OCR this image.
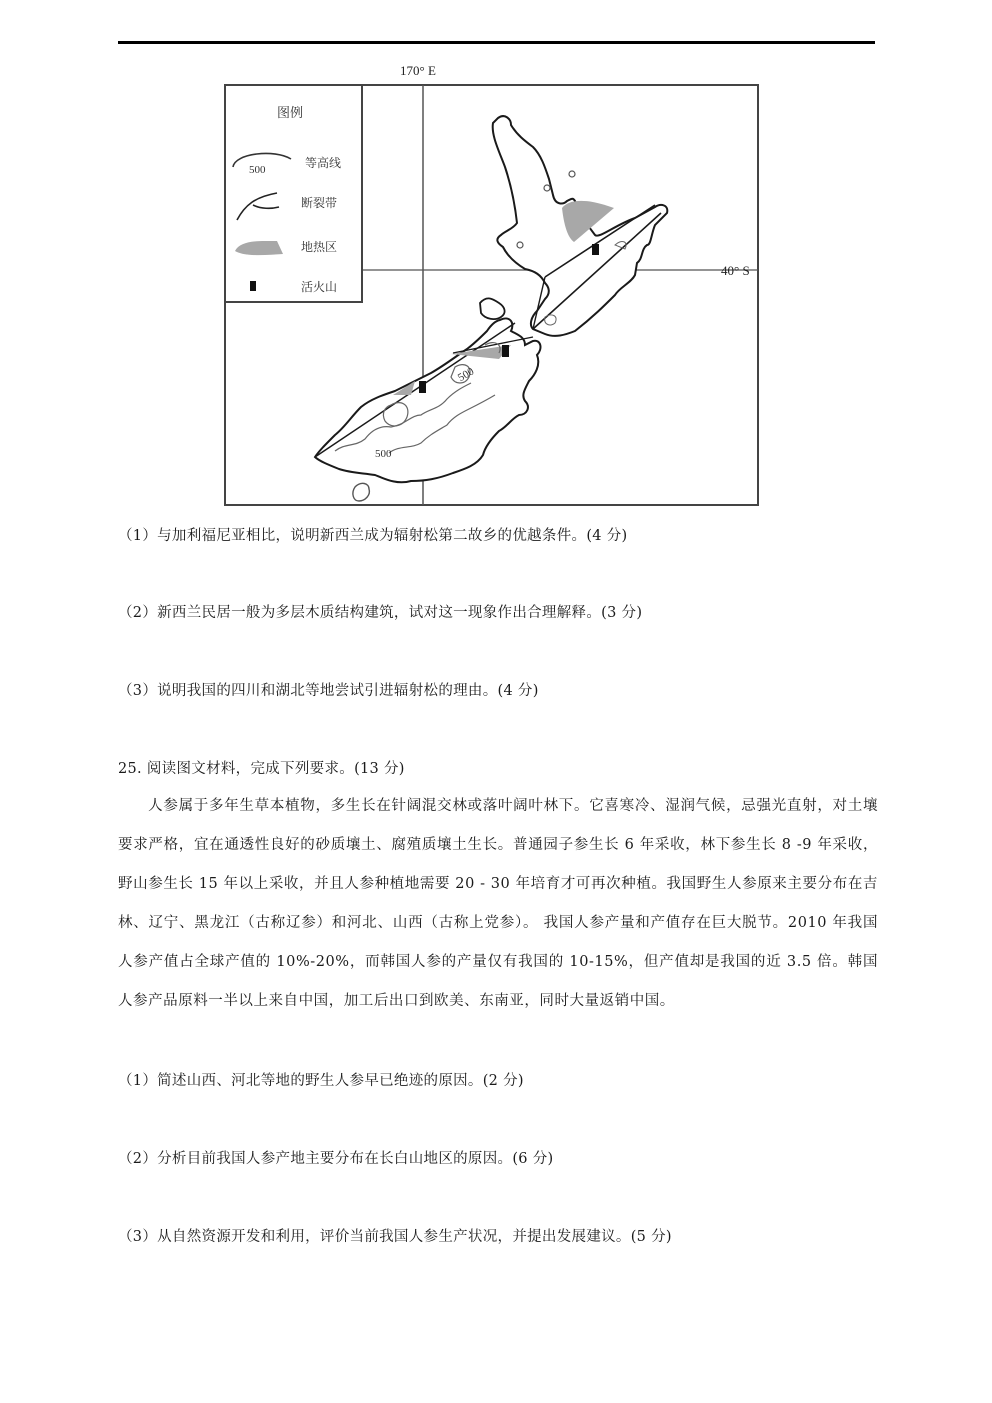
170° E
40° S
500
500
图例
500	等高线
断裂带
地热区
活火山
（1）与加利福尼亚相比，说明新西兰成为辐射松第二故乡的优越条件。(4 分)
（2）新西兰民居一般为多层木质结构建筑，试对这一现象作出合理解释。(3 分)
（3）说明我国的四川和湖北等地尝试引进辐射松的理由。(4 分)
25. 阅读图文材料，完成下列要求。(13 分)
人参属于多年生草本植物，多生长在针阔混交林或落叶阔叶林下。它喜寒冷、湿润气候，忌强光直射，对土壤要求严格，宜在通透性良好的砂质壤土、腐殖质壤土生长。普通园子参生长 6 年采收，林下参生长 8 -9 年采收，野山参生长 15 年以上采收，并且人参种植地需要 20 - 30 年培育才可再次种植。我国野生人参原来主要分布在吉林、辽宁、黑龙江（古称辽参）和河北、山西（古称上党参）。 我国人参产量和产值存在巨大脱节。2010 年我国人参产值占全球产值的 10%-20%，而韩国人参的产量仅有我国的 10-15%，但产值却是我国的近 3.5 倍。韩国人参产品原料一半以上来自中国，加工后出口到欧美、东南亚，同时大量返销中国。
（1）简述山西、河北等地的野生人参早已绝迹的原因。(2 分)
（2）分析目前我国人参产地主要分布在长白山地区的原因。(6 分)
（3）从自然资源开发和利用，评价当前我国人参生产状况，并提出发展建议。(5 分)
